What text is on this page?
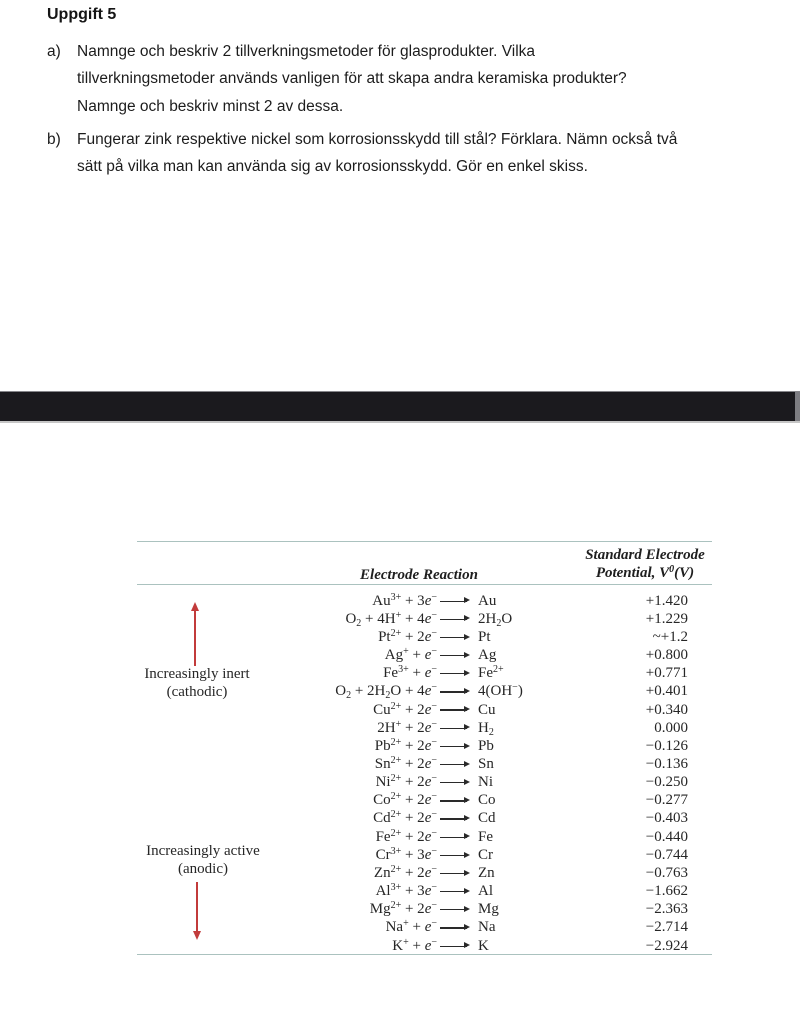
Uppgift 5
a)	Namnge och beskriv 2 tillverkningsmetoder för glasprodukter. Vilka
tillverkningsmetoder används vanligen för att skapa andra keramiska produkter?
Namnge och beskriv minst 2 av dessa.
b)	Fungerar zink respektive nickel som korrosionsskydd till stål? Förklara. Nämn också två
sätt på vilka man kan använda sig av korrosionsskydd. Gör en enkel skiss.
Electrode Reaction
Standard Electrode
Potential, $V^0(V)$
$Au^{3+} + 3e^-$	Au	+1.420
$O_2 + 4H^+ + 4e^-$	$2H_2O$	+1.229
$Pt^{2+} + 2e^-$	Pt	~+1.2
Ag+ + e−	Ag	+0.800
$Fe^{3+} + e^-$	$Fe^{2+}$	+0.771
$O_2 + 2H_2O + 4e^-$	4(OH−)	+0.401
$Cu^{2+} + 2e^-$	Cu	+0.340
2H+ + 2e−	$H_2$	0.000
$Pb^{2+} + 2e^-$	Pb	−0.126
$Sn^{2+} + 2e^-$	Sn	−0.136
$Ni^{2+} + 2e^-$	Ni	−0.250
$Co^{2+} + 2e^-$	Co	−0.277
$Cd^{2+} + 2e^-$	Cd	−0.403
$Fe^{2+} + 2e^-$	Fe	−0.440
$Cr^{3+} + 3e^-$	Cr	−0.744
$Zn^{2+} + 2e^-$	Zn	−0.763
$Al^{3+} + 3e^-$	Al	−1.662
$Mg^{2+} + 2e^-$	Mg	−2.363
Na+ + e−	Na	−2.714
K+ + e−	K	−2.924
Increasingly inert
(cathodic)
Increasingly active
(anodic)
